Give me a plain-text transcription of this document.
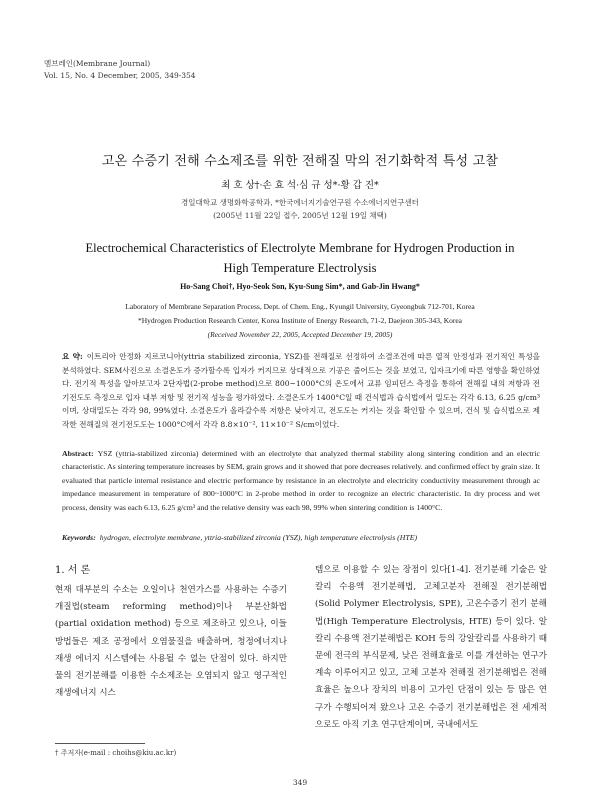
멤브레인(Membrane Journal)
Vol. 15, No. 4 December, 2005, 349-354
고온 수증기 전해 수소제조를 위한 전해질 막의 전기화학적 특성 고찰
최 호 상†·손 효 석·심 규 성*·황 갑 진*
경일대학교 생명화학공학과, *한국에너지기술연구원 수소에너지연구센터
(2005년 11월 22일 접수, 2005년 12월 19일 채택)
Electrochemical Characteristics of Electrolyte Membrane for Hydrogen Production in High Temperature Electrolysis
Ho-Sang Choi†, Hyo-Seok Son, Kyu-Sung Sim*, and Gab-Jin Hwang*
Laboratory of Membrane Separation Process, Dept. of Chem. Eng., Kyungil University, Gyeongbuk 712-701, Korea
*Hydrogen Production Research Center, Korea Institute of Energy Research, 71-2, Daejeon 305-343, Korea
(Received November 22, 2005, Accepted December 19, 2005)
요 약: 이트리아 안정화 지르코니아(yttria stabilized zirconia, YSZ)를 전해질로 선정하여 소결조건에 따른 열적 안정성과 전기적인 특성을 분석하였다. SEM사진으로 소결온도가 증가할수록 입자가 커지므로 상대적으로 기공은 줄어드는 것을 보였고, 입자크기에 따른 영향을 확인하였다. 전기적 특성을 알아보고자 2단자법(2-probe method)으로 800~1000°C의 온도에서 교류 임피던스 측정을 통하여 전해질 내의 저항과 전기전도도 측정으로 입자 내부 저항 및 전기적 성능을 평가하였다. 소결온도가 1400°C일 때 건식법과 습식법에서 밀도는 각각 6.13, 6.25 g/cm³이며, 상대밀도는 각각 98, 99%였다. 소결온도가 올라갈수록 저항은 낮아지고, 전도도는 커지는 것을 확인할 수 있으며, 건식 및 습식법으로 제작한 전해질의 전기전도도는 1000°C에서 각각 8.8×10⁻², 11×10⁻² S/cm이었다.
Abstract: YSZ (yttria-stabilized zirconia) determined with an electrolyte that analyzed thermal stability along sintering condition and an electric characteristic. As sintering temperature increases by SEM, grain grows and it showed that pore decreases relatively. and confirmed effect by grain size. It evaluated that particle internal resistance and electric performance by resistance in an electrolyte and electricity conductivity measurement through ac impedance measurement in temperature of 800~1000°C in 2-probe method in order to recognize an electric characteristic. In dry process and wet process, density was each 6.13, 6.25 g/cm³ and the relative density was each 98, 99% when sintering condition is 1400°C.
Keywords: hydrogen, electrolyte membrane, yttria-stabilized zirconia (YSZ), high temperature electrolysis (HTE)
1. 서 론

현재 대부분의 수소는 오일이나 천연가스를 사용하는 수증기 개질법(steam reforming method)이나 부분산화법(partial oxidation method) 등으로 제조하고 있으나, 이들 방법들은 제조 공정에서 오염물질을 배출하며, 청정에너지나 재생 에너지 시스템에는 사용될 수 없는 단점이 있다. 하지만 물의 전기분해를 이용한 수소제조는 오염되지 않고 영구적인 재생에너지 시스

템으로 이용할 수 있는 장점이 있다[1-4]. 전기분해 기술은 알칼리 수용액 전기분해법, 고체고분자 전해질 전기분해법(Solid Polymer Electrolysis, SPE), 고온수증기 전기 분해법(High Temperature Electrolysis, HTE) 등이 있다. 알칼리 수용액 전기분해법은 KOH 등의 강알칼리를 사용하기 때문에 전극의 부식문제, 낮은 전해효율로 이를 개선하는 연구가 계속 이루어지고 있고, 고체 고분자 전해질 전기분해법은 전해효율은 높으나 장치의 비용이 고가인 단점이 있는 등 많은 연구가 수행되어져 왔으나 고온 수증기 전기분해법은 전 세계적으로도 아직 기초 연구단계이며, 국내에서도

† 주저자(e-mail : choihs@kiu.ac.kr)
349
